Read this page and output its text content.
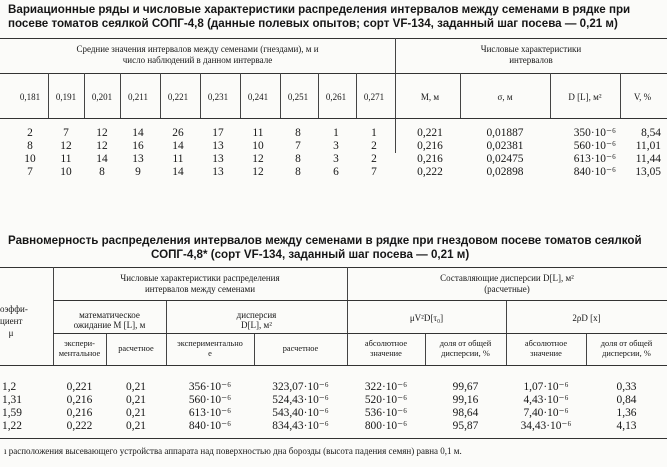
Вариационные ряды и числовые характеристики распределения интервалов между семенами в рядке при
посеве томатов сеялкой СОПГ-4,8 (данные полевых опытов; сорт VF-134, заданный шаг посева — 0,21 м)
Средние значения интервалов между семенами (гнездами), м и
число наблюдений в данном интервале
Числовые характеристики
интервалов
0,181	0,191	0,201	0,211	0,221	0,231	0,241	0,251	0,261	0,271	М, м	σ, м	D [L], м²	V, %
2	7	12	14	26	17	11	8	1	1	0,221	0,01887	350·10⁻⁶	8,54
8	12	12	16	14	13	10	7	3	2	0,216	0,02381	560·10⁻⁶	11,01
10	11	14	13	11	13	12	8	3	2	0,216	0,02475	613·10⁻⁶	11,44
7	10	8	9	14	13	12	8	6	7	0,222	0,02898	840·10⁻⁶	13,05
Равномерность распределения интервалов между семенами в рядке при гнездовом посеве томатов сеялкой
СОПГ-4,8* (сорт VF-134, заданный шаг посева — 0,21 м)
оэффи-
циент
μ
Числовые характеристики распределения
интервалов между семенами
Составляющие дисперсии D[L], м²
(расчетные)
математическое
ожидание М [L], м
дисперсия
D[L], м²
μV²D[τ₀]	2ρD [x]
экспери-
ментальное
расчетное
экспериментально
е
расчетное
абсолютное
значение
доля от общей
дисперсии, %
абсолютное
значение
доля от общей
дисперсии, %
1,2	0,221	0,21	356·10⁻⁶	323,07·10⁻⁶	322·10⁻⁶	99,67	1,07·10⁻⁶	0,33
1,31	0,216	0,21	560·10⁻⁶	524,43·10⁻⁶	520·10⁻⁶	99,16	4,43·10⁻⁶	0,84
1,59	0,216	0,21	613·10⁻⁶	543,40·10⁻⁶	536·10⁻⁶	98,64	7,40·10⁻⁶	1,36
1,22	0,222	0,21	840·10⁻⁶	834,43·10⁻⁶	800·10⁻⁶	95,87	34,43·10⁻⁶	4,13
ı расположения высевающего устройства аппарата над поверхностью дна борозды (высота падения семян) равна 0,1 м.
